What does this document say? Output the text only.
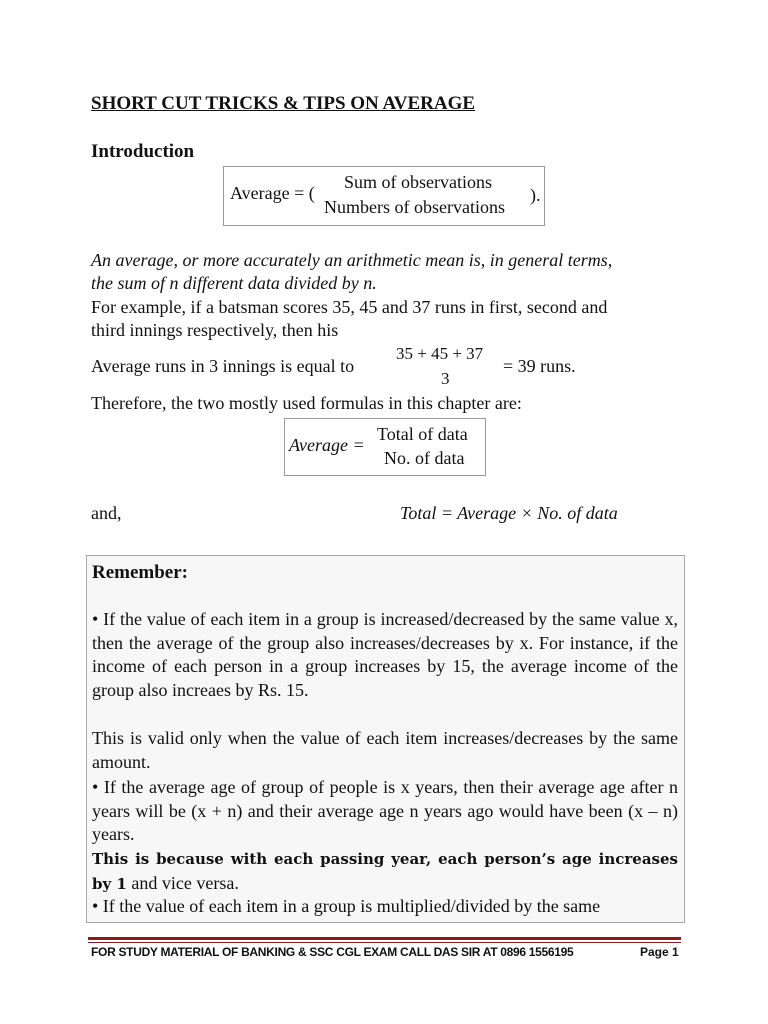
SHORT CUT TRICKS & TIPS ON AVERAGE
Introduction
Average = (
Sum of observations
Numbers of observations
).
An average, or more accurately an arithmetic mean is, in general terms,
the sum of n different data divided by n.
For example, if a batsman scores 35, 45 and 37 runs in first, second and
third innings respectively, then his
Average runs in 3 innings is equal to
35 + 45 + 37
3
= 39 runs.
Therefore, the two mostly used formulas in this chapter are:
Average =
Total of data
No. of data
and,	Total = Average × No. of data
Remember:
• If the value of each item in a group is increased/decreased by the same value x, then the average of the group also increases/decreases by x. For instance, if the income of each person in a group increases by 15, the average income of the group also increaes by Rs. 15.
This is valid only when the value of each item increases/decreases by the same amount.
• If the average age of group of people is x years, then their average age after n years will be (x + n) and their average age n years ago would have been (x – n) years.
This is because with each passing year, each person’s age increases by 1 and vice versa.
• If the value of each item in a group is multiplied/divided by the same
FOR STUDY MATERIAL OF BANKING & SSC CGL EXAM CALL DAS SIR AT 0896 1556195	Page 1
